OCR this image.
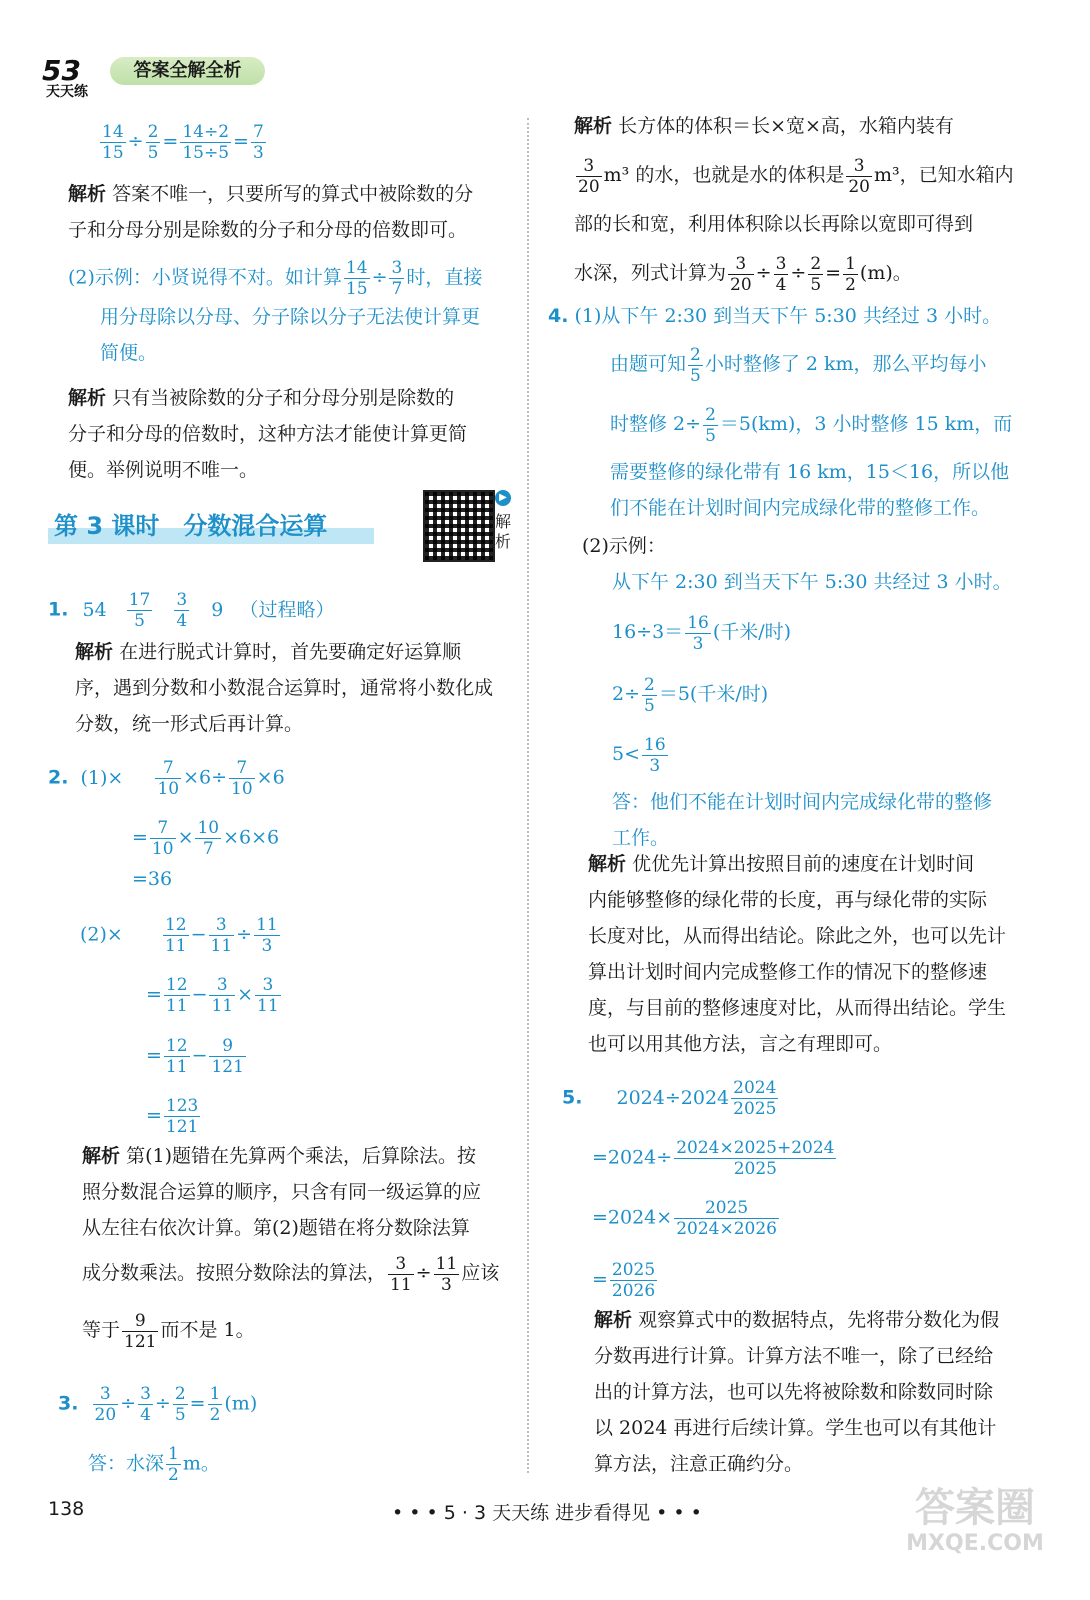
53
天天练
答案全解全析
$\frac{14}{15} \div \frac{2}{5} = \frac{14\div 2}{15\div 5} = \frac{7}{3}$
解析 答案不唯一，只要所写的算式中被除数的分
子和分母分别是除数的分子和分母的倍数即可。
(2)示例：小贤说得不对。如计算 $\frac{14}{15} \div \frac{3}{7}$ 时，直接
用分母除以分母、分子除以分子无法使计算更
简便。
解析 只有当被除数的分子和分母分别是除数的
分子和分母的倍数时，这种方法才能使计算更简
便。举例说明不唯一。
第 3 课时　分数混合运算
▶
解析
1. $54 \frac{17}{5}$
$\frac{3}{4} 9$ （过程略）
解析 在进行脱式计算时，首先要确定好运算顺
序，遇到分数和小数混合运算时，通常将小数化成
分数，统一形式后再计算。
2. $(1)\times \frac{7}{10} \times 6\div \frac{7}{10} \times 6$
= $\frac{7}{10} \times \frac{10}{7} \times 6\times 6$
=36
$(2)\times \frac{12}{11} - \frac{3}{11} \div \frac{11}{3}$
= $\frac{12}{11} - \frac{3}{11} \times \frac{3}{11}$
= $\frac{12}{11} - \frac{9}{121}$
= $\frac{123}{121}$
解析 第(1)题错在先算两个乘法，后算除法。按
照分数混合运算的顺序，只含有同一级运算的应
从左往右依次计算。第(2)题错在将分数除法算
成分数乘法。按照分数除法的算法， $\frac{3}{11} \div \frac{11}{3}$ 应该
等于 $\frac{9}{121}$ 而不是 1。
3. $\frac{3}{20} \div \frac{3}{4} \div \frac{2}{5} = \frac{1}{2} (m)$
答：水深 $\frac{1}{2}$ m。
解析 长方体的体积＝长×宽×高，水箱内装有
$\frac{3}{20} m^3$ 的水，也就是水的体积是 $\frac{3}{20} m^3$，已知水箱内
部的长和宽，利用体积除以长再除以宽即可得到
水深，列式计算为 $\frac{3}{20} \div \frac{3}{4} \div \frac{2}{5} = \frac{1}{2} (m)$。
4. (1)从下午 2:30 到当天下午 5:30 共经过 3 小时。
由题可知 $\frac{2}{5}$ 小时整修了 2 km，那么平均每小
时整修 $2\div \frac{2}{5} =5(km)$，3 小时整修 15 km，而
需要整修的绿化带有 16 km，15＜16，所以他
们不能在计划时间内完成绿化带的整修工作。
(2)示例：
从下午 2:30 到当天下午 5:30 共经过 3 小时。
$16\div 3= \frac{16}{3}$ (千米/时)
$2\div \frac{2}{5} =5$(千米/时)
$5< \frac{16}{3}$
答：他们不能在计划时间内完成绿化带的整修
工作。
解析 优优先计算出按照目前的速度在计划时间
内能够整修的绿化带的长度，再与绿化带的实际
长度对比，从而得出结论。除此之外，也可以先计
算出计划时间内完成整修工作的情况下的整修速
度，与目前的整修速度对比，从而得出结论。学生
也可以用其他方法，言之有理即可。
5. $2024\div 2024 \frac{2024}{2025}$
$=2024\div \frac{2024\times 2025+2024}{2025}$
$=2024\times \frac{2025}{2024\times 2026}$
= $\frac{2025}{2026}$
解析 观察算式中的数据特点，先将带分数化为假
分数再进行计算。计算方法不唯一，除了已经给
出的计算方法，也可以先将被除数和除数同时除
以 2024 再进行后续计算。学生也可以有其他计
算方法，注意正确约分。
138	• • • 5 · 3 天天练 进步看得见 • • •	答案圈
MXQE.COM
